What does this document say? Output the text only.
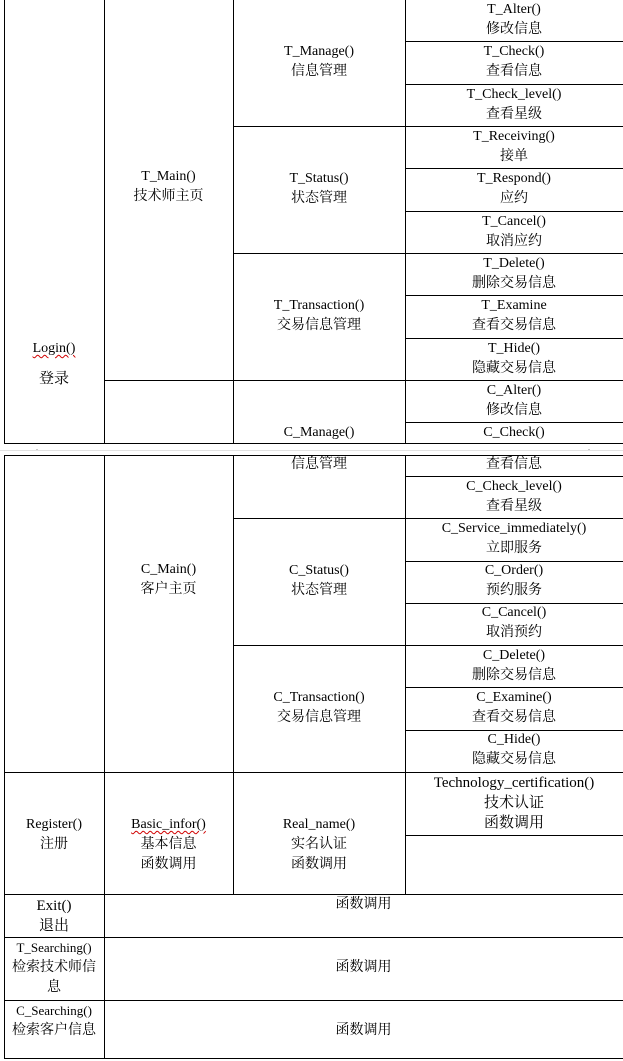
Login()
登录
T_Main()
技术师主页
T_Manage()
信息管理
T_Alter()
修改信息
T_Check()
查看信息
T_Check_level()
查看星级
T_Status()
状态管理
T_Receiving()
接单
T_Respond()
应约
T_Cancel()
取消应约
T_Transaction()
交易信息管理
T_Delete()
删除交易信息
T_Examine
查看交易信息
T_Hide()
隐藏交易信息
C_Manage()
C_Alter()
修改信息
C_Check()
信息管理	查看信息
C_Check_level()
查看星级
C_Main()
客户主页
C_Status()
状态管理
C_Service_immediately()
立即服务
C_Order()
预约服务
C_Cancel()
取消预约
C_Transaction()
交易信息管理
C_Delete()
删除交易信息
C_Examine()
查看交易信息
C_Hide()
隐藏交易信息
Register()
注册
Basic_infor()
基本信息
函数调用
Real_name()
实名认证
函数调用
Technology_certification()
技术认证
函数调用
Exit()
退出
函数调用
T_Searching()
检索技术师信
息
函数调用
C_Searching()
检索客户信息	函数调用
